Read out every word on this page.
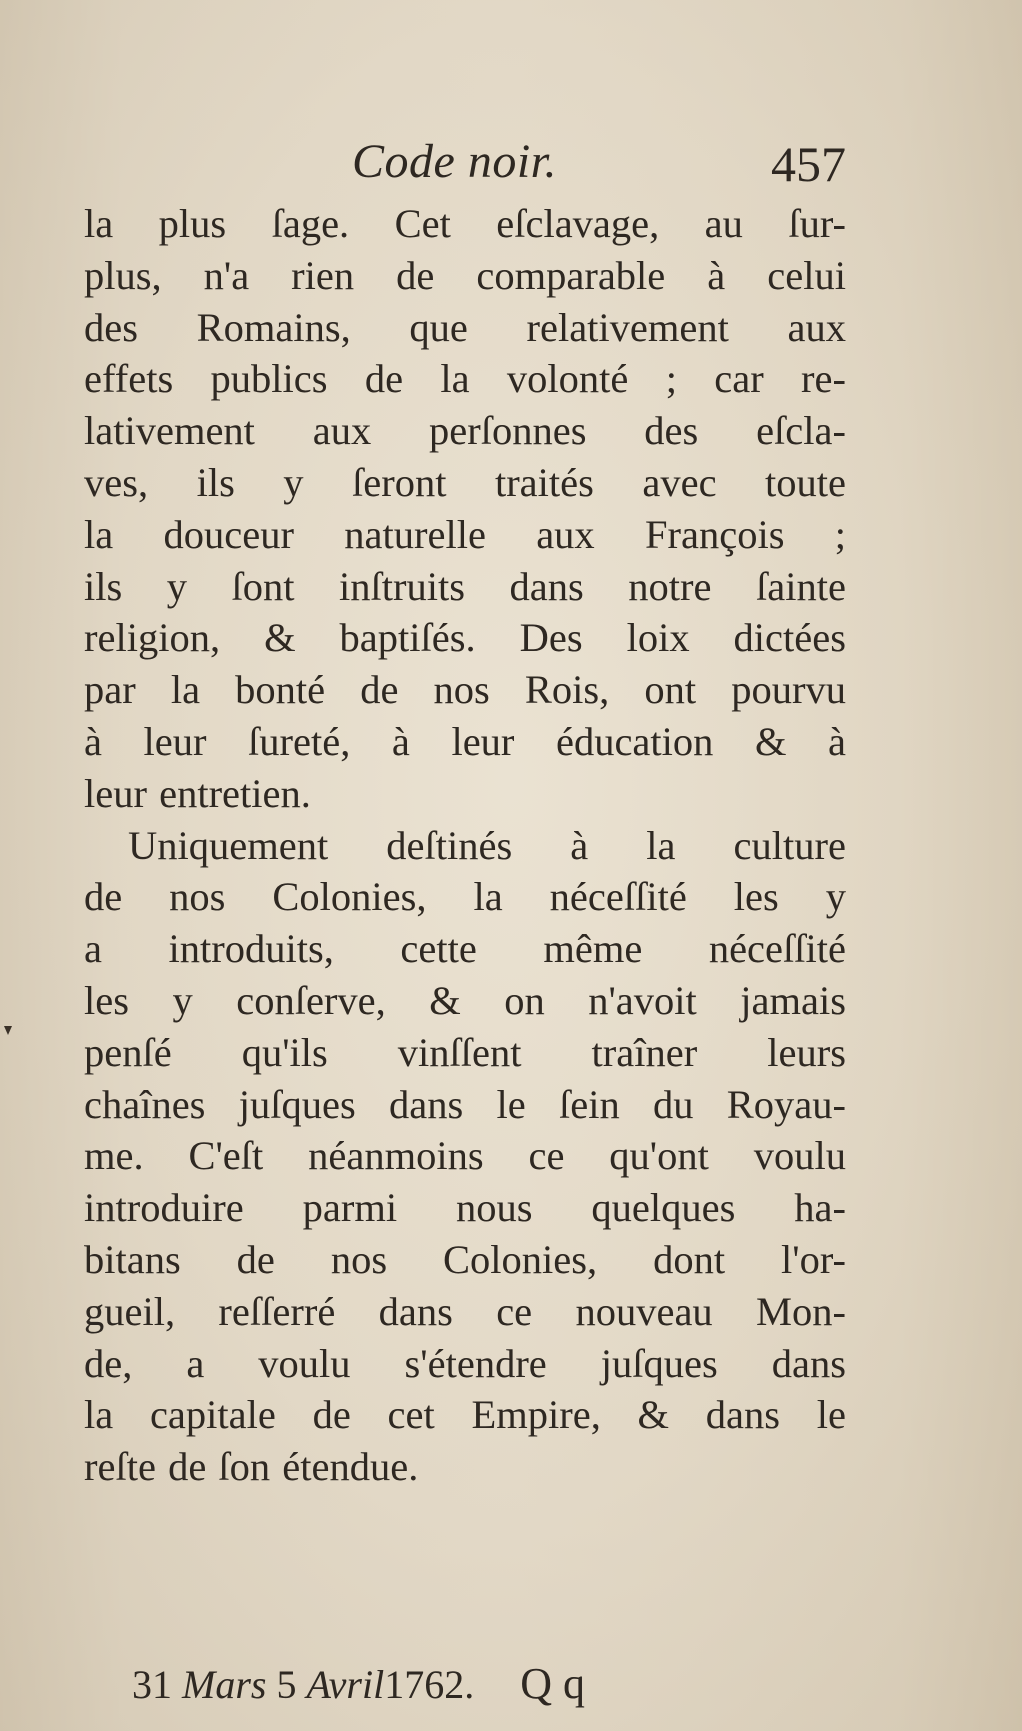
Code noir.	457
la plus ſage. Cet eſclavage, au ſur-
plus, n'a rien de comparable à celui
des Romains, que relativement aux
effets publics de la volonté ; car re-
lativement aux perſonnes des eſcla-
ves, ils y ſeront traités avec toute
la douceur naturelle aux François ;
ils y ſont inſtruits dans notre ſainte
religion, & baptiſés. Des loix dictées
par la bonté de nos Rois, ont pourvu
à leur ſureté, à leur éducation & à
leur entretien.
Uniquement deſtinés à la culture
de nos Colonies, la néceſſité les y
a introduits, cette même néceſſité
les y conſerve, & on n'avoit jamais
penſé qu'ils vinſſent traîner leurs
chaînes juſques dans le ſein du Royau-
me. C'eſt néanmoins ce qu'ont voulu
introduire parmi nous quelques ha-
bitans de nos Colonies, dont l'or-
gueil, reſſerré dans ce nouveau Mon-
de, a voulu s'étendre juſques dans
la capitale de cet Empire, & dans le
reſte de ſon étendue.
31 Mars 5 Avril1762. Q q
